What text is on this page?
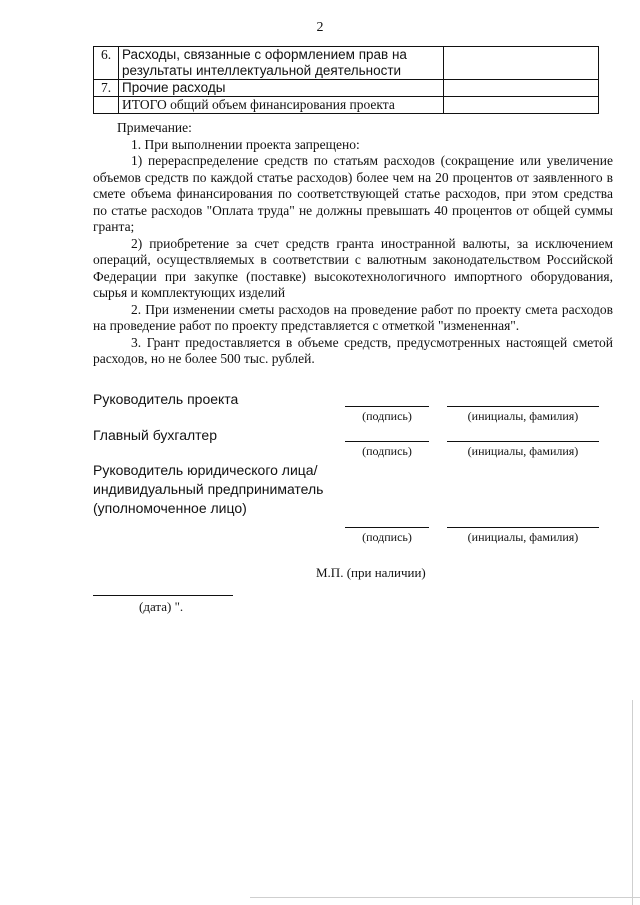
2
6.	Расходы, связанные с оформлением прав на результаты интеллектуальной деятельности	
7.	Прочие расходы	
	ИТОГО общий объем финансирования проекта	

Примечание:

1. При выполнении проекта запрещено:

1) перераспределение средств по статьям расходов (сокращение или увеличение объемов средств по каждой статье расходов) более чем на 20 процентов от заявленного в смете объема финансирования по соответствующей статье расходов, при этом средства по статье расходов "Оплата труда" не должны превышать 40 процентов от общей суммы гранта;

2) приобретение за счет средств гранта иностранной валюты, за исключением операций, осуществляемых в соответствии с валютным законодательством Российской Федерации при закупке (поставке) высокотехнологичного импортного оборудования, сырья и комплектующих изделий

2. При изменении сметы расходов на проведение работ по проекту смета расходов на проведение работ по проекту представляется с отметкой "измененная".

3. Грант предоставляется в объеме средств, предусмотренных настоящей сметой расходов, но не более 500 тыс. рублей.

Руководитель проекта
(подпись)	(инициалы, фамилия)
Главный бухгалтер
(подпись)	(инициалы, фамилия)
Руководитель юридического лица/
индивидуальный предприниматель
(уполномоченное лицо)
(подпись)	(инициалы, фамилия)
М.П. (при наличии)
(дата) ".
